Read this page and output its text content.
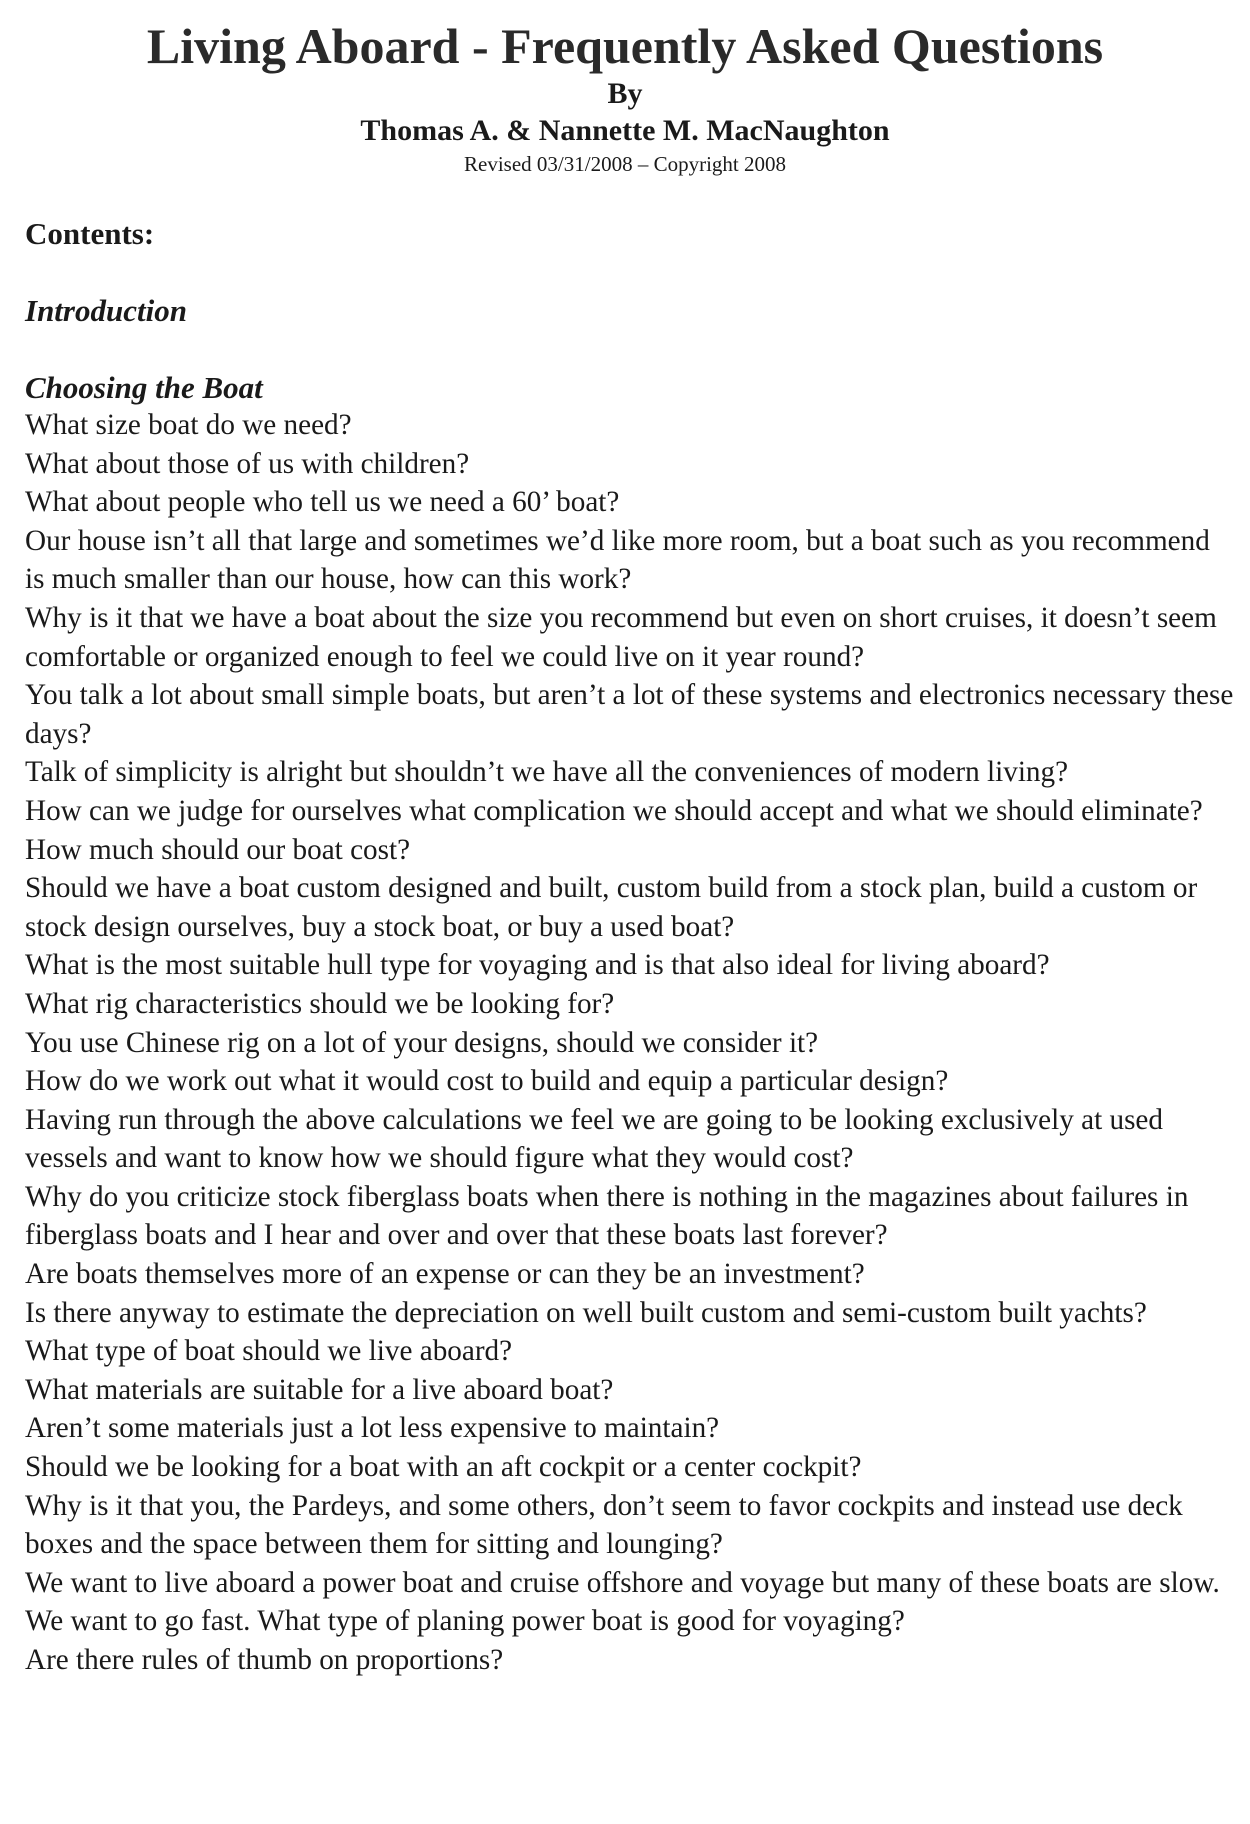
Living Aboard - Frequently Asked Questions
By
Thomas A. & Nannette M. MacNaughton
Revised 03/31/2008 – Copyright 2008
Contents:
Introduction
Choosing the Boat
What size boat do we need?
What about those of us with children?
What about people who tell us we need a 60’ boat?
Our house isn’t all that large and sometimes we’d like more room, but a boat such as you recommend is much smaller than our house, how can this work?
Why is it that we have a boat about the size you recommend but even on short cruises, it doesn’t seem comfortable or organized enough to feel we could live on it year round?
You talk a lot about small simple boats, but aren’t a lot of these systems and electronics necessary these days?
Talk of simplicity is alright but shouldn’t we have all the conveniences of modern living?
How can we judge for ourselves what complication we should accept and what we should eliminate?
How much should our boat cost?
Should we have a boat custom designed and built, custom build from a stock plan, build a custom or stock design ourselves, buy a stock boat, or buy a used boat?
What is the most suitable hull type for voyaging and is that also ideal for living aboard?
What rig characteristics should we be looking for?
You use Chinese rig on a lot of your designs, should we consider it?
How do we work out what it would cost to build and equip a particular design?
Having run through the above calculations we feel we are going to be looking exclusively at used vessels and want to know how we should figure what they would cost?
Why do you criticize stock fiberglass boats when there is nothing in the magazines about failures in fiberglass boats and I hear and over and over that these boats last forever?
Are boats themselves more of an expense or can they be an investment?
Is there anyway to estimate the depreciation on well built custom and semi-custom built yachts?
What type of boat should we live aboard?
What materials are suitable for a live aboard boat?
Aren’t some materials just a lot less expensive to maintain?
Should we be looking for a boat with an aft cockpit or a center cockpit?
Why is it that you, the Pardeys, and some others, don’t seem to favor cockpits and instead use deck boxes and the space between them for sitting and lounging?
We want to live aboard a power boat and cruise offshore and voyage but many of these boats are slow. We want to go fast. What type of planing power boat is good for voyaging?
Are there rules of thumb on proportions?
